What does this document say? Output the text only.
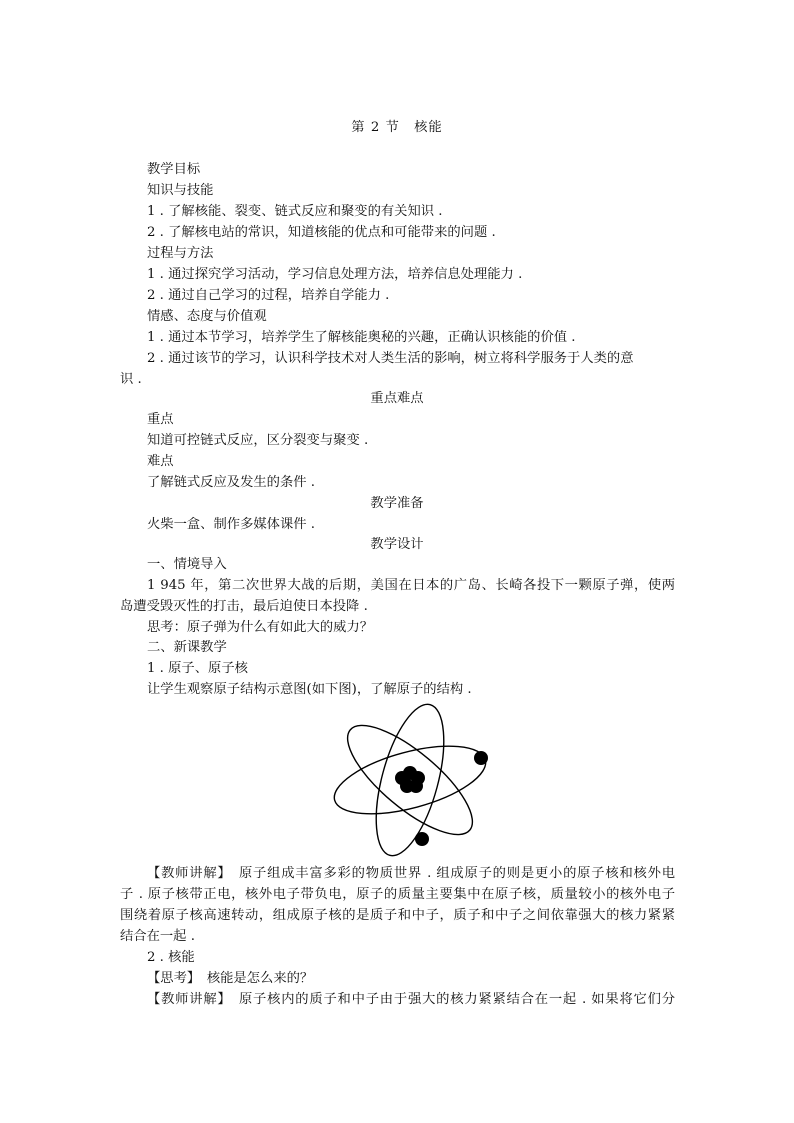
第 2 节　核能
教学目标
知识与技能
1 . 了解核能、裂变、链式反应和聚变的有关知识 .
2 . 了解核电站的常识，知道核能的优点和可能带来的问题 .
过程与方法
1 . 通过探究学习活动，学习信息处理方法，培养信息处理能力 .
2 . 通过自己学习的过程，培养自学能力 .
情感、态度与价值观
1 . 通过本节学习，培养学生了解核能奥秘的兴趣，正确认识核能的价值 .
2 . 通过该节的学习，认识科学技术对人类生活的影响，树立将科学服务于人类的意
识 .
重点难点
重点
知道可控链式反应，区分裂变与聚变 .
难点
了解链式反应及发生的条件 .
教学准备
火柴一盒、制作多媒体课件 .
教学设计
一、情境导入
1 945 年，第二次世界大战的后期，美国在日本的广岛、长崎各投下一颗原子弹，使两
岛遭受毁灭性的打击，最后迫使日本投降 .
思考：原子弹为什么有如此大的威力？
二、新课教学
1 . 原子、原子核
让学生观察原子结构示意图(如下图)，了解原子的结构 .
【教师讲解】　原子组成丰富多彩的物质世界 . 组成原子的则是更小的原子核和核外电
子 . 原子核带正电，核外电子带负电，原子的质量主要集中在原子核，质量较小的核外电子
围绕着原子核高速转动，组成原子核的是质子和中子，质子和中子之间依靠强大的核力紧紧
结合在一起 .
2 . 核能
【思考】　核能是怎么来的？
【教师讲解】　原子核内的质子和中子由于强大的核力紧紧结合在一起 . 如果将它们分
